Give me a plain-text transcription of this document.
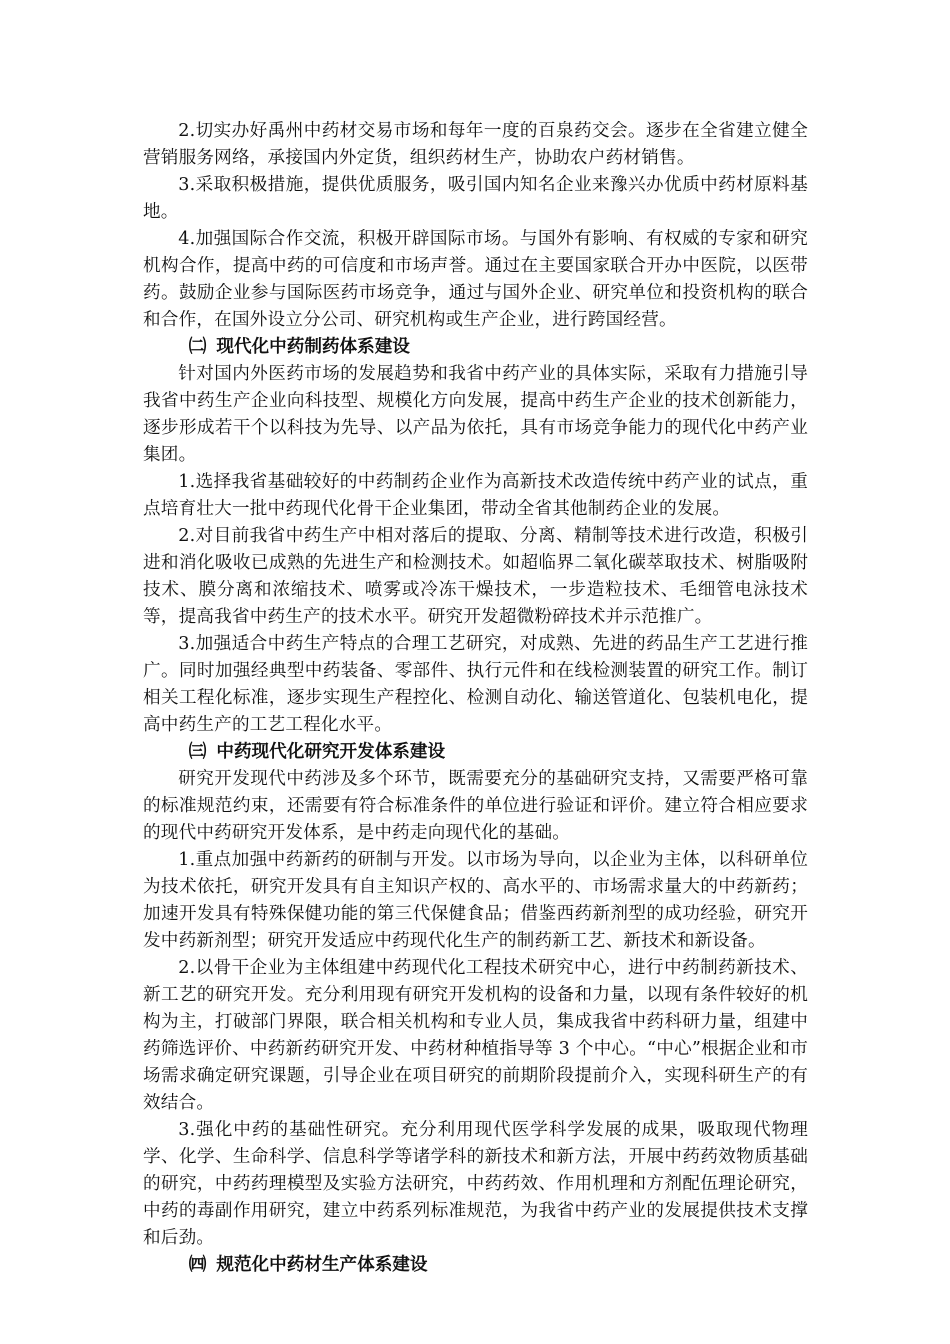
2.切实办好禹州中药材交易市场和每年一度的百泉药交会。逐步在全省建立健全营销服务网络，承接国内外定货，组织药材生产，协助农户药材销售。

3.采取积极措施，提供优质服务，吸引国内知名企业来豫兴办优质中药材原料基地。

4.加强国际合作交流，积极开辟国际市场。与国外有影响、有权威的专家和研究机构合作，提高中药的可信度和市场声誉。通过在主要国家联合开办中医院，以医带药。鼓励企业参与国际医药市场竞争，通过与国外企业、研究单位和投资机构的联合和合作，在国外设立分公司、研究机构或生产企业，进行跨国经营。

㈡ 现代化中药制药体系建设

针对国内外医药市场的发展趋势和我省中药产业的具体实际，采取有力措施引导我省中药生产企业向科技型、规模化方向发展，提高中药生产企业的技术创新能力，逐步形成若干个以科技为先导、以产品为依托，具有市场竞争能力的现代化中药产业集团。

1.选择我省基础较好的中药制药企业作为高新技术改造传统中药产业的试点，重点培育壮大一批中药现代化骨干企业集团，带动全省其他制药企业的发展。

2.对目前我省中药生产中相对落后的提取、分离、精制等技术进行改造，积极引进和消化吸收已成熟的先进生产和检测技术。如超临界二氧化碳萃取技术、树脂吸附技术、膜分离和浓缩技术、喷雾或冷冻干燥技术，一步造粒技术、毛细管电泳技术等，提高我省中药生产的技术水平。研究开发超微粉碎技术并示范推广。

3.加强适合中药生产特点的合理工艺研究，对成熟、先进的药品生产工艺进行推广。同时加强经典型中药装备、零部件、执行元件和在线检测装置的研究工作。制订相关工程化标准，逐步实现生产程控化、检测自动化、输送管道化、包装机电化，提高中药生产的工艺工程化水平。

㈢ 中药现代化研究开发体系建设

研究开发现代中药涉及多个环节，既需要充分的基础研究支持，又需要严格可靠的标准规范约束，还需要有符合标准条件的单位进行验证和评价。建立符合相应要求的现代中药研究开发体系，是中药走向现代化的基础。

1.重点加强中药新药的研制与开发。以市场为导向，以企业为主体，以科研单位为技术依托，研究开发具有自主知识产权的、高水平的、市场需求量大的中药新药；加速开发具有特殊保健功能的第三代保健食品；借鉴西药新剂型的成功经验，研究开发中药新剂型；研究开发适应中药现代化生产的制药新工艺、新技术和新设备。

2.以骨干企业为主体组建中药现代化工程技术研究中心，进行中药制药新技术、新工艺的研究开发。充分利用现有研究开发机构的设备和力量，以现有条件较好的机构为主，打破部门界限，联合相关机构和专业人员，集成我省中药科研力量，组建中药筛选评价、中药新药研究开发、中药材种植指导等 3 个中心。“中心”根据企业和市场需求确定研究课题，引导企业在项目研究的前期阶段提前介入，实现科研生产的有效结合。

3.强化中药的基础性研究。充分利用现代医学科学发展的成果，吸取现代物理学、化学、生命科学、信息科学等诸学科的新技术和新方法，开展中药药效物质基础的研究，中药药理模型及实验方法研究，中药药效、作用机理和方剂配伍理论研究，中药的毒副作用研究，建立中药系列标准规范，为我省中药产业的发展提供技术支撑和后劲。

㈣ 规范化中药材生产体系建设
